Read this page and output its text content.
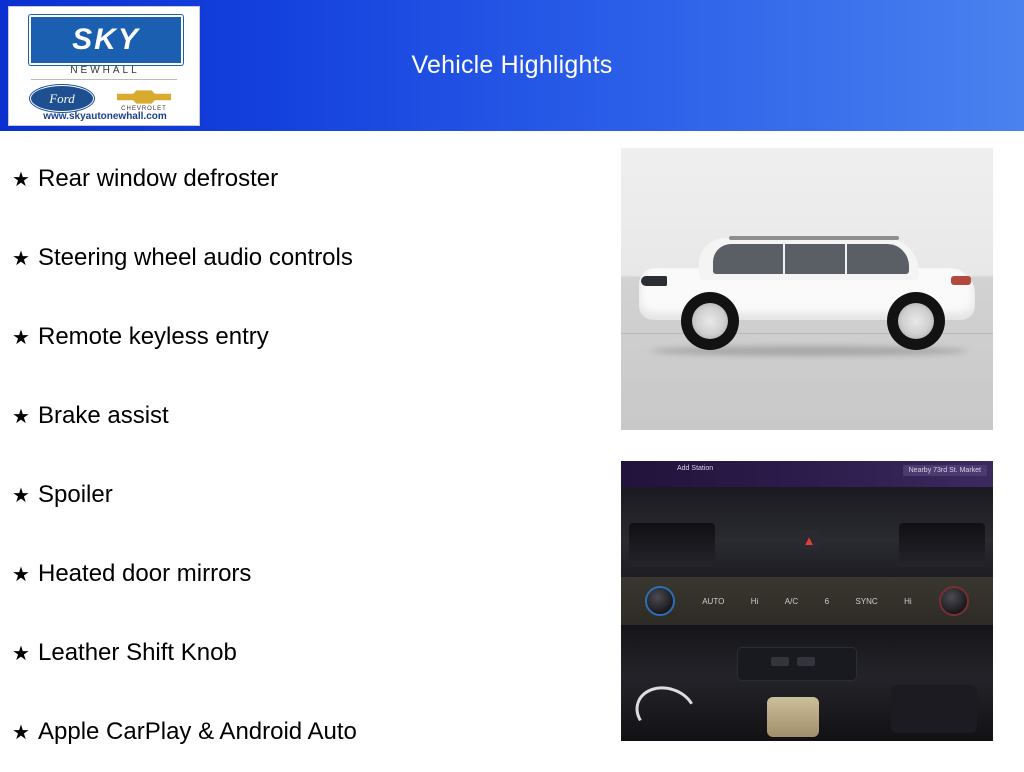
Vehicle Highlights
SKY
NEWHALL
Ford
CHEVROLET
www.skyautonewhall.com
★ Rear window defroster
★ Steering wheel audio controls
★ Remote keyless entry
★ Brake assist
★ Spoiler
★ Heated door mirrors
★ Leather Shift Knob
★ Apple CarPlay & Android Auto
Add Station	Nearby 73rd St. Market
▲
AUTO	Hi	A/C	6	SYNC	Hi
